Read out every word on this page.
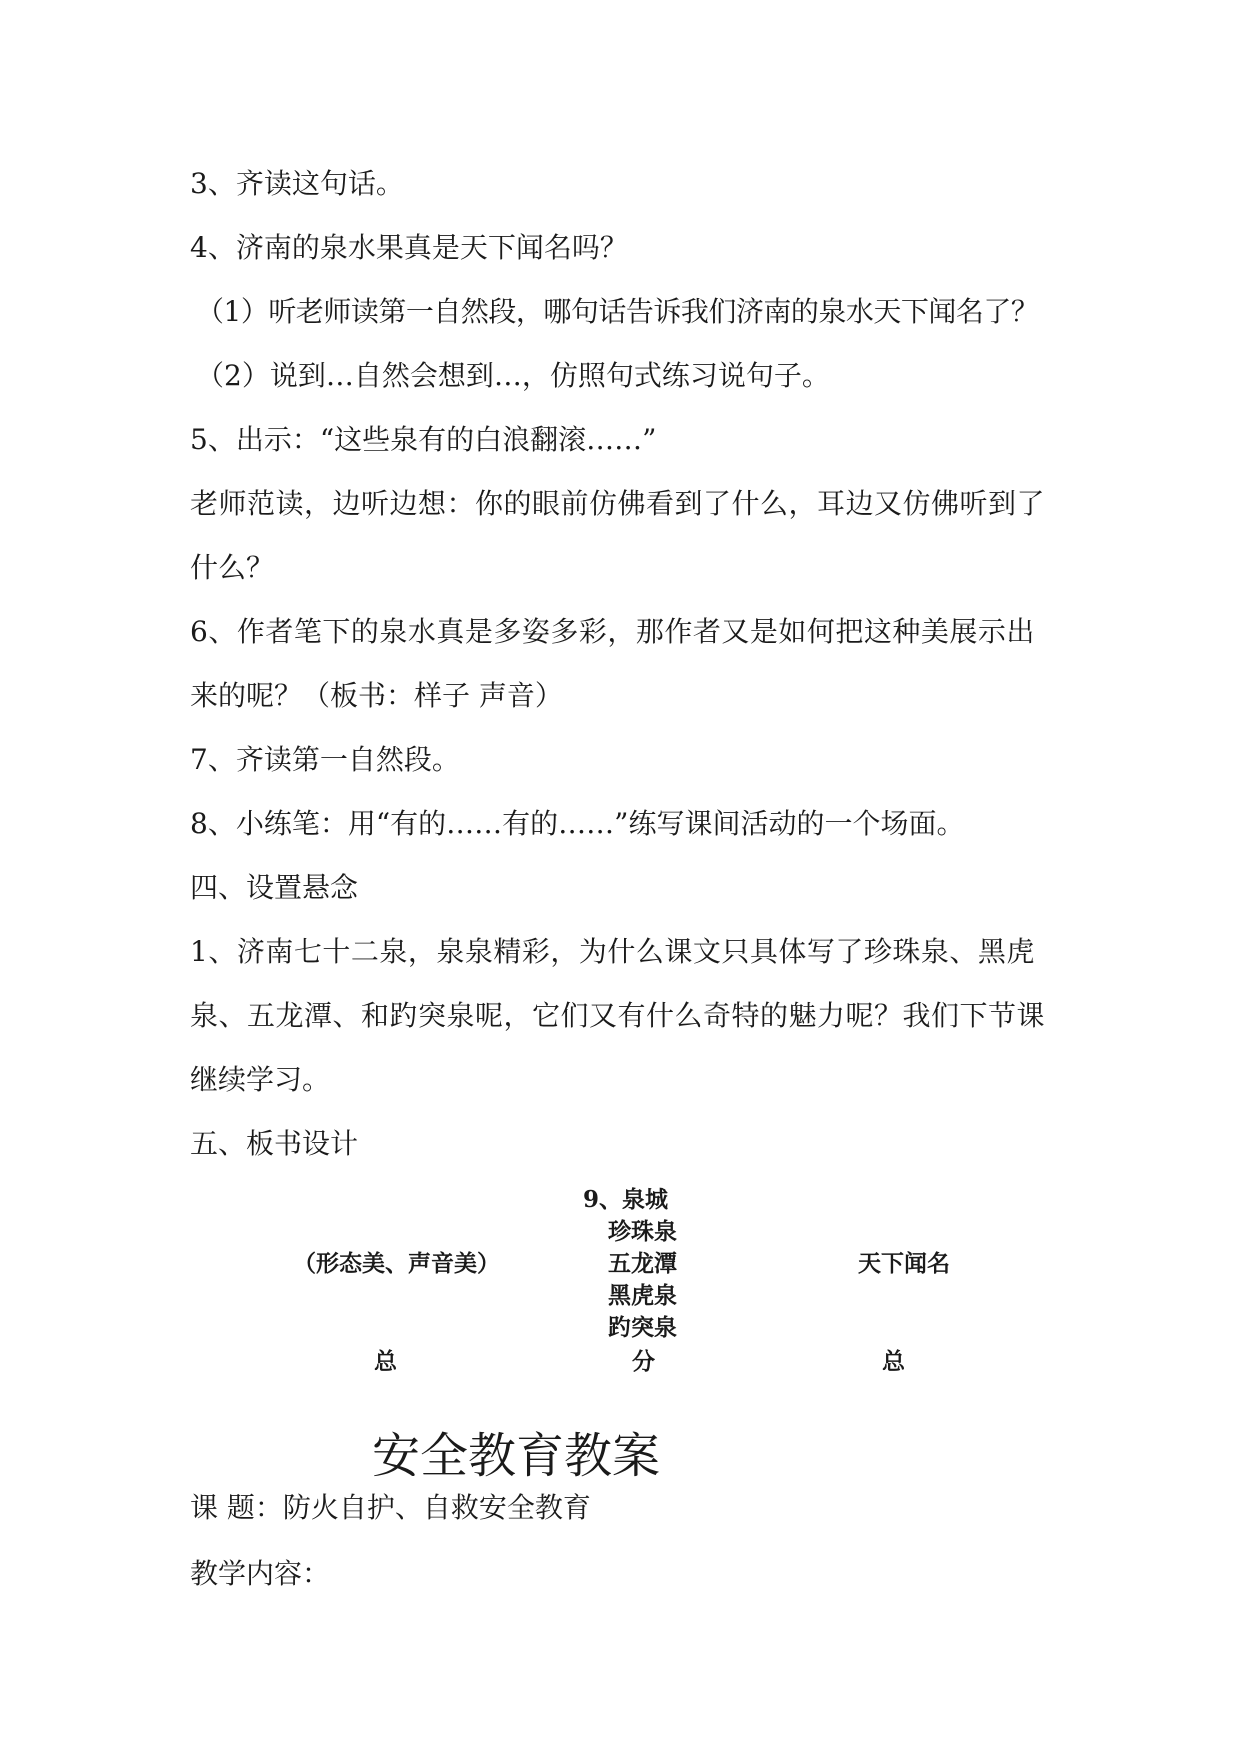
3、齐读这句话。
4、济南的泉水果真是天下闻名吗？
（1）听老师读第一自然段，哪句话告诉我们济南的泉水天下闻名了？
（2）说到…自然会想到…，仿照句式练习说句子。
5、出示：“这些泉有的白浪翻滚……”
老师范读，边听边想：你的眼前仿佛看到了什么，耳边又仿佛听到了
什么？
6、作者笔下的泉水真是多姿多彩，那作者又是如何把这种美展示出
来的呢？（板书：样子 声音）
7、齐读第一自然段。
8、小练笔：用“有的……有的……”练写课间活动的一个场面。
四、设置悬念
1、济南七十二泉，泉泉精彩，为什么课文只具体写了珍珠泉、黑虎
泉、五龙潭、和趵突泉呢，它们又有什么奇特的魅力呢？我们下节课
继续学习。
五、板书设计
9、泉城
珍珠泉
（形态美、声音美）	五龙潭	天下闻名
黑虎泉
趵突泉
总	分	总
安全教育教案
课 题：防火自护、自救安全教育
教学内容：
